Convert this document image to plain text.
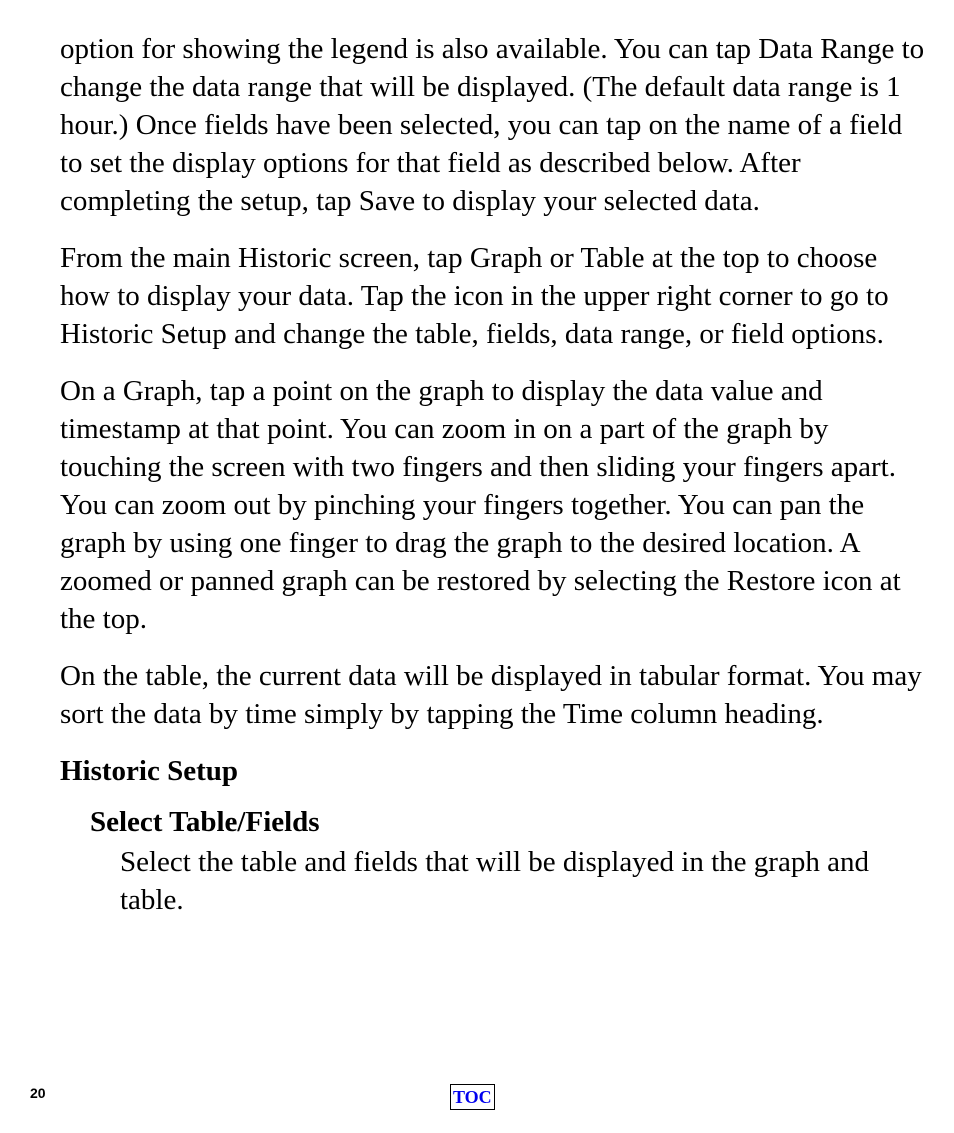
option for showing the legend is also available. You can tap Data Range to change the data range that will be displayed. (The default data range is 1 hour.) Once fields have been selected, you can tap on the name of a field to set the display options for that field as described below. After completing the setup, tap Save to display your selected data.

From the main Historic screen, tap Graph or Table at the top to choose how to display your data. Tap the icon in the upper right corner to go to Historic Setup and change the table, fields, data range, or field options.

On a Graph, tap a point on the graph to display the data value and timestamp at that point. You can zoom in on a part of the graph by touching the screen with two fingers and then sliding your fingers apart. You can zoom out by pinching your fingers together. You can pan the graph by using one finger to drag the graph to the desired location. A zoomed or panned graph can be restored by selecting the Restore icon at the top.

On the table, the current data will be displayed in tabular format. You may sort the data by time simply by tapping the Time column heading.

Historic Setup
Select Table/Fields

Select the table and fields that will be displayed in the graph and table.

20	TOC
